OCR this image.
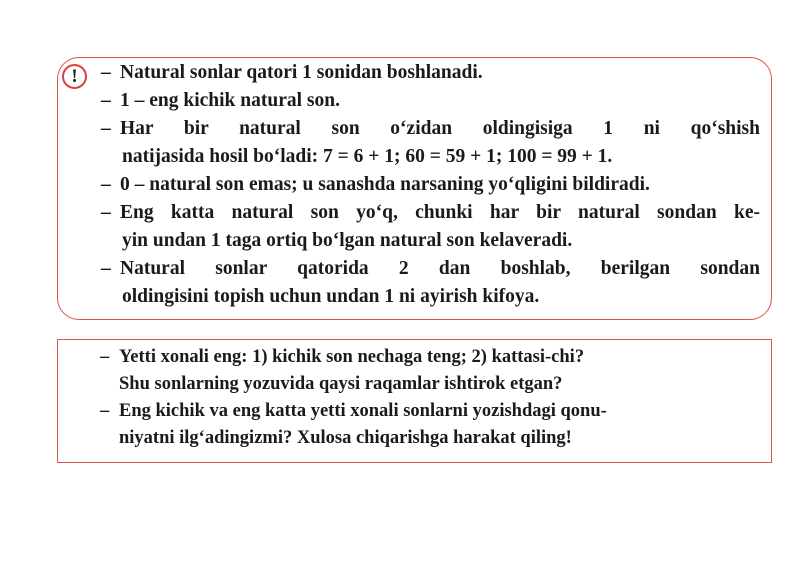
!	– Natural sonlar qatori 1 sonidan boshlanadi.
– 1 – eng kichik natural son.
– Har bir natural son o‘zidan oldingisiga 1 ni qo‘shish
natijasida hosil bo‘ladi: 7 = 6 + 1; 60 = 59 + 1; 100 = 99 + 1.
– 0 – natural son emas; u sanashda narsaning yo‘qligini bildiradi.
– Eng katta natural son yo‘q, chunki har bir natural sondan ke-
yin undan 1 taga ortiq bo‘lgan natural son kelaveradi.
– Natural sonlar qatorida 2 dan boshlab, berilgan sondan
oldingisini topish uchun undan 1 ni ayirish kifoya.
– Yetti xonali eng: 1) kichik son nechaga teng; 2) kattasi-chi?
Shu sonlarning yozuvida qaysi raqamlar ishtirok etgan?
– Eng kichik va eng katta yetti xonali sonlarni yozishdagi qonu-
niyatni ilg‘adingizmi? Xulosa chiqarishga harakat qiling!
